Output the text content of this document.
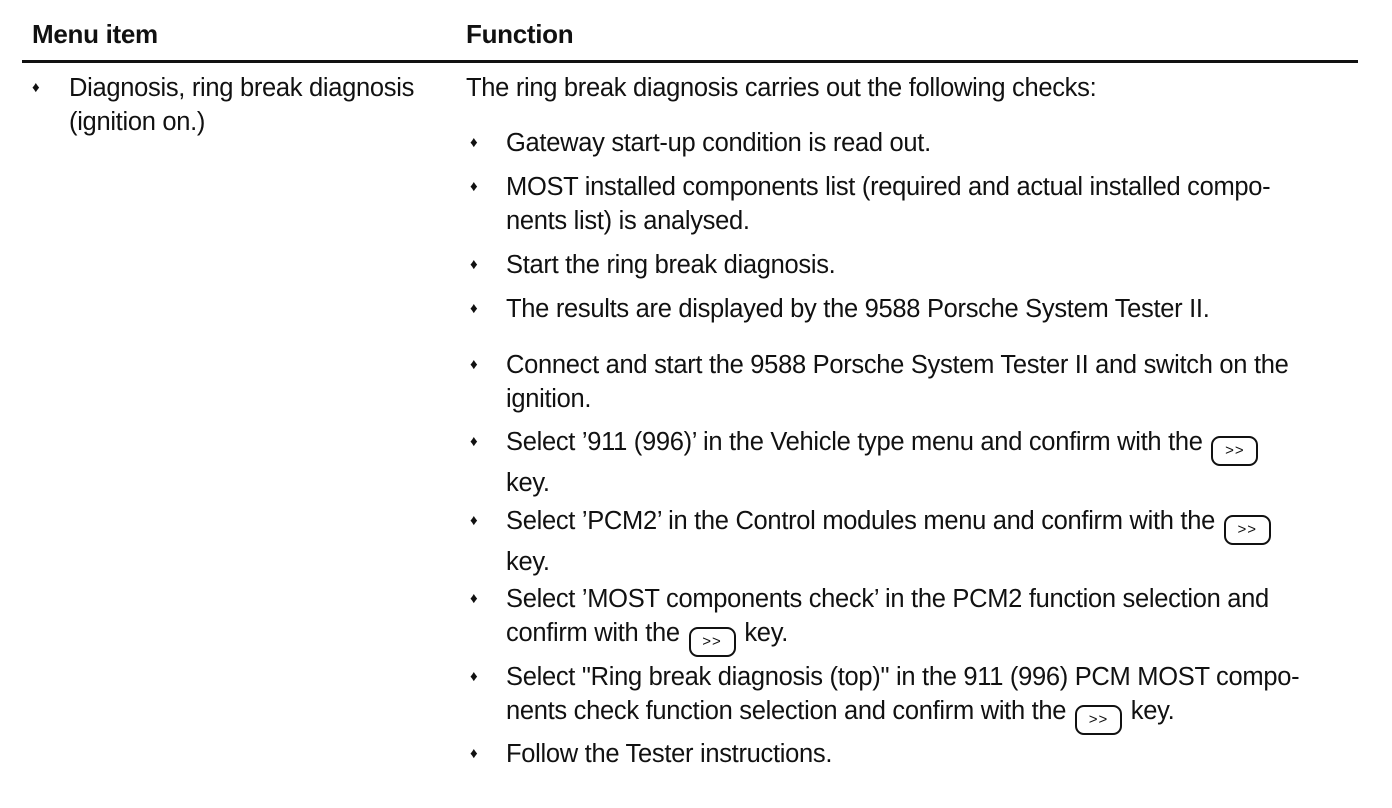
Menu item	Function
♦ Diagnosis, ring break diagnosis
(ignition on.)
The ring break diagnosis carries out the following checks:
♦ Gateway start-up condition is read out.
♦ MOST installed components list (required and actual installed compo-
nents list) is analysed.
♦ Start the ring break diagnosis.
♦ The results are displayed by the 9588 Porsche System Tester II.
♦ Connect and start the 9588 Porsche System Tester II and switch on the
ignition.
♦ Select ’911 (996)’ in the Vehicle type menu and confirm with the >>
key.
♦ Select ’PCM2’ in the Control modules menu and confirm with the >>
key.
♦ Select ’MOST components check’ in the PCM2 function selection and
confirm with the >> key.
♦ Select "Ring break diagnosis (top)" in the 911 (996) PCM MOST compo-
nents check function selection and confirm with the >> key.
♦ Follow the Tester instructions.
